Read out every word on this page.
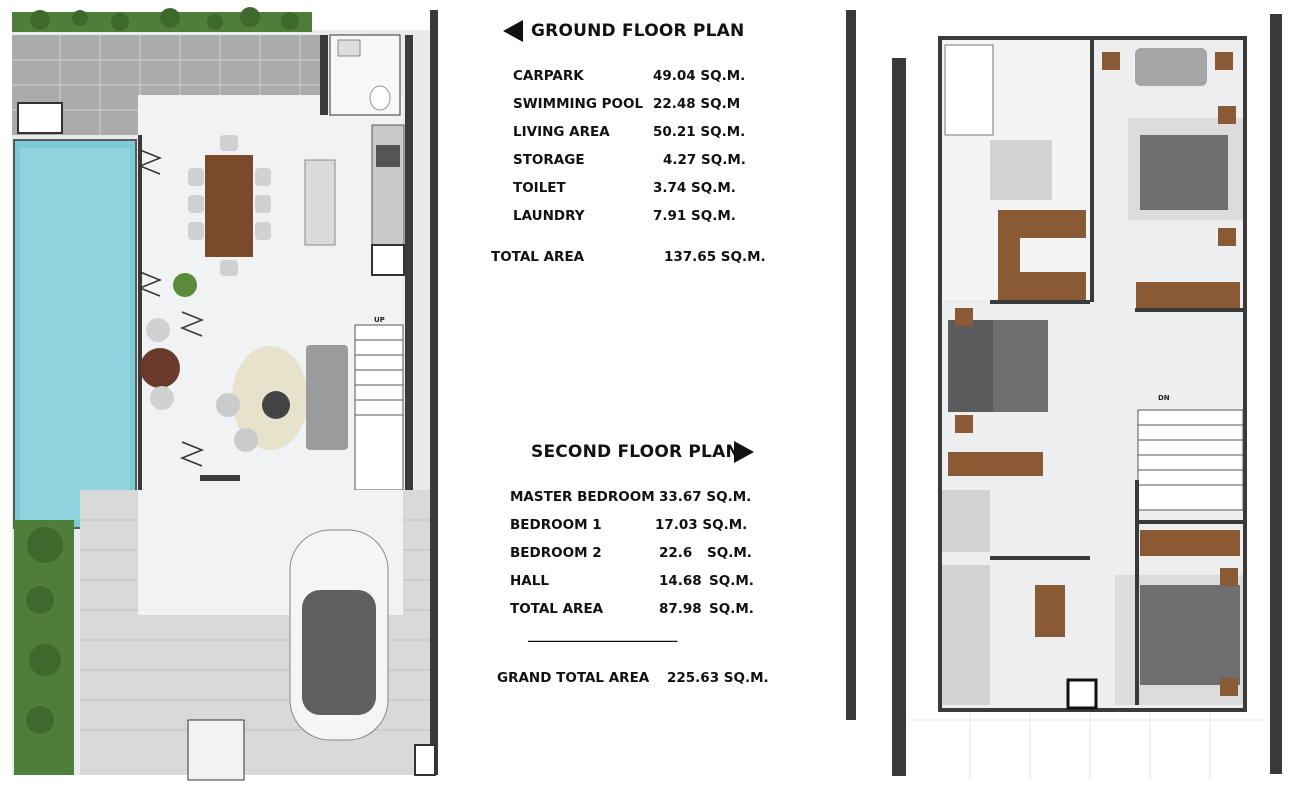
UP
DN
GROUND FLOOR PLAN
CARPARK	49.04 SQ.M.
SWIMMING POOL 22.48 SQ.M
LIVING AREA	50.21 SQ.M.
STORAGE	4.27 SQ.M.
TOILET	3.74 SQ.M.
LAUNDRY	7.91 SQ.M.
TOTAL AREA	137.65 SQ.M.
SECOND FLOOR PLAN
MASTER BEDROOM 33.67 SQ.M.
BEDROOM 1	17.03 SQ.M.
BEDROOM 2	22.6 SQ.M.
HALL	14.68 SQ.M.
TOTAL AREA	87.98 SQ.M.
_______________________
GRAND TOTAL AREA 225.63 SQ.M.
